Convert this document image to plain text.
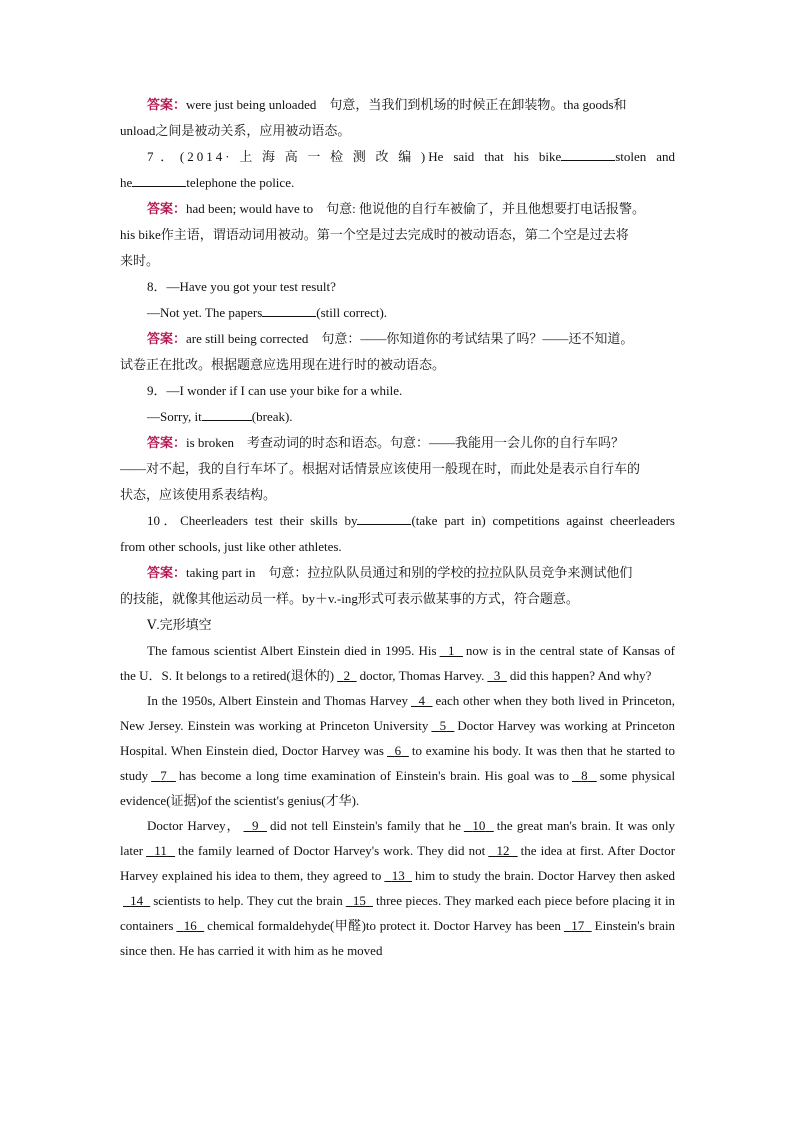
答案：were just being unloaded　句意，当我们到机场的时候正在卸装物。tha goods和

unload之间是被动关系，应用被动语态。

7．(2014·上海高一检测改编)He said that his bike	stolen and

he	telephone the police.

答案：had been; would have to　句意: 他说他的自行车被偷了，并且他想要打电话报警。

his bike作主语，谓语动词用被动。第一个空是过去完成时的被动语态，第二个空是过去将

来时。

8．—Have you got your test result?

—Not yet. The papers	(still correct).

答案：are still being corrected　句意：——你知道你的考试结果了吗？——还不知道。

试卷正在批改。根据题意应选用现在进行时的被动语态。

9．—I wonder if I can use your bike for a while.

—Sorry, it	(break).

答案：is broken　考查动词的时态和语态。句意：——我能用一会儿你的自行车吗？

——对不起，我的自行车坏了。根据对话情景应该使用一般现在时，而此处是表示自行车的

状态，应该使用系表结构。

10．Cheerleaders test their skills by	(take part in) competitions against cheerleaders

from other schools, just like other athletes.

答案：taking part in　句意：拉拉队队员通过和别的学校的拉拉队队员竞争来测试他们

的技能，就像其他运动员一样。by＋v.-ing形式可表示做某事的方式，符合题意。

Ⅴ.完形填空

The famous scientist Albert Einstein died in 1995. His 1 now is in the central state of Kansas of the U．S. It belongs to a retired(退休的) 2 doctor, Thomas Harvey. 3 did this happen? And why?

In the 1950s, Albert Einstein and Thomas Harvey 4 each other when they both lived in Princeton, New Jersey. Einstein was working at Princeton University 5 Doctor Harvey was working at Princeton Hospital. When Einstein died, Doctor Harvey was 6 to examine his body. It was then that he started to study 7 has become a long time examination of Einstein's brain. His goal was to 8 some physical evidence(证据)of the scientist's genius(才华).

Doctor Harvey， 9 did not tell Einstein's family that he 10 the great man's brain. It was only later 11 the family learned of Doctor Harvey's work. They did not 12 the idea at first. After Doctor Harvey explained his idea to them, they agreed to 13 him to study the brain. Doctor Harvey then asked  14 scientists to help. They cut the brain 15 three pieces. They marked each piece before placing it in containers 16 chemical formaldehyde(甲醛)to protect it. Doctor Harvey has been 17 Einstein's brain since then. He has carried it with him as he moved
